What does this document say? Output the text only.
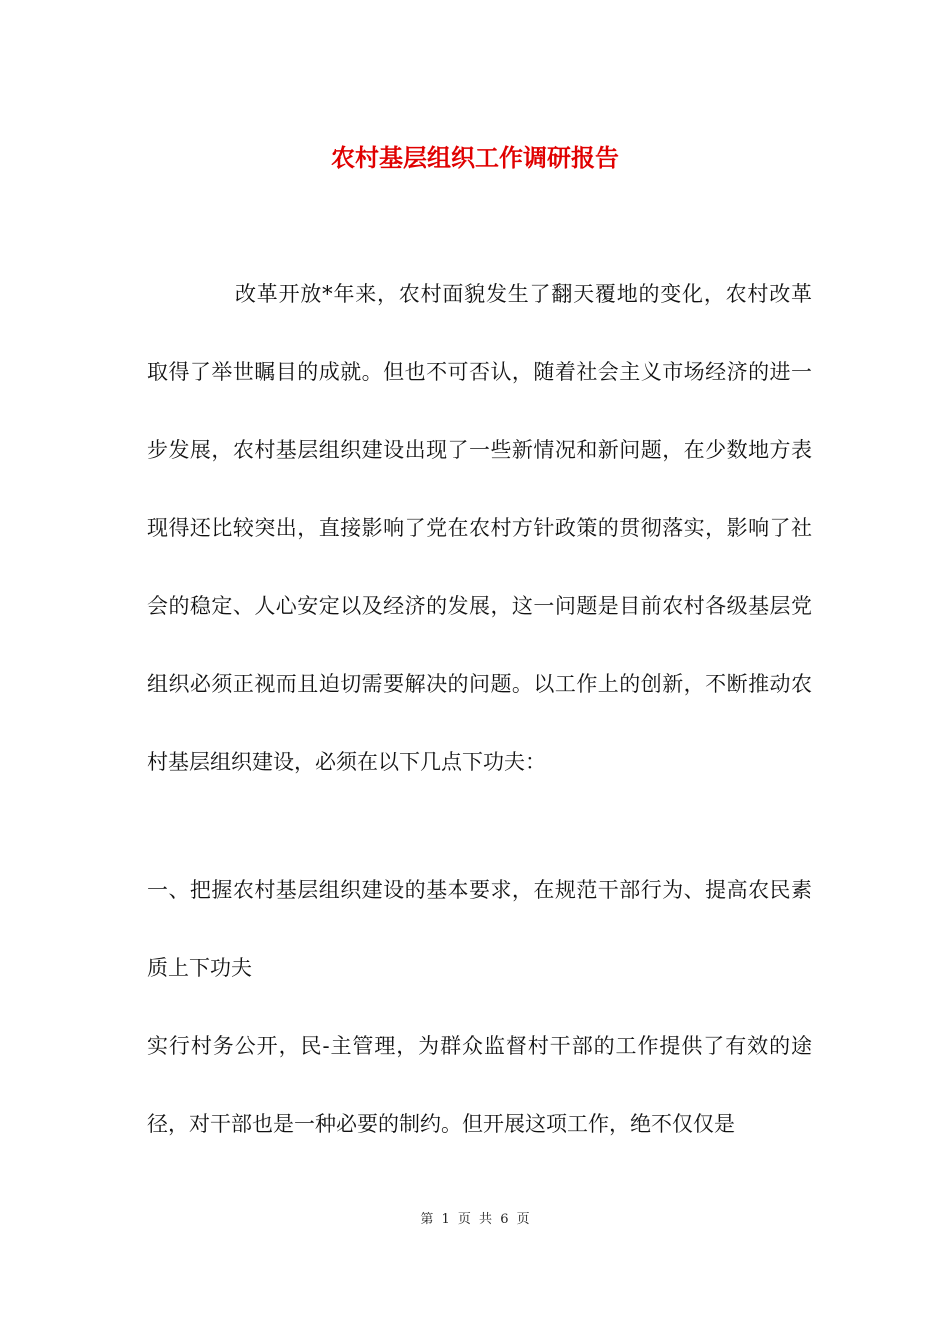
农村基层组织工作调研报告
改革开放*年来，农村面貌发生了翻天覆地的变化，农村改革取得了举世瞩目的成就。但也不可否认，随着社会主义市场经济的进一步发展，农村基层组织建设出现了一些新情况和新问题，在少数地方表现得还比较突出，直接影响了党在农村方针政策的贯彻落实，影响了社会的稳定、人心安定以及经济的发展，这一问题是目前农村各级基层党组织必须正视而且迫切需要解决的问题。以工作上的创新，不断推动农村基层组织建设，必须在以下几点下功夫：
一、把握农村基层组织建设的基本要求，在规范干部行为、提高农民素质上下功夫
实行村务公开，民-主管理，为群众监督村干部的工作提供了有效的途径，对干部也是一种必要的制约。但开展这项工作，绝不仅仅是
第 1 页 共 6 页
